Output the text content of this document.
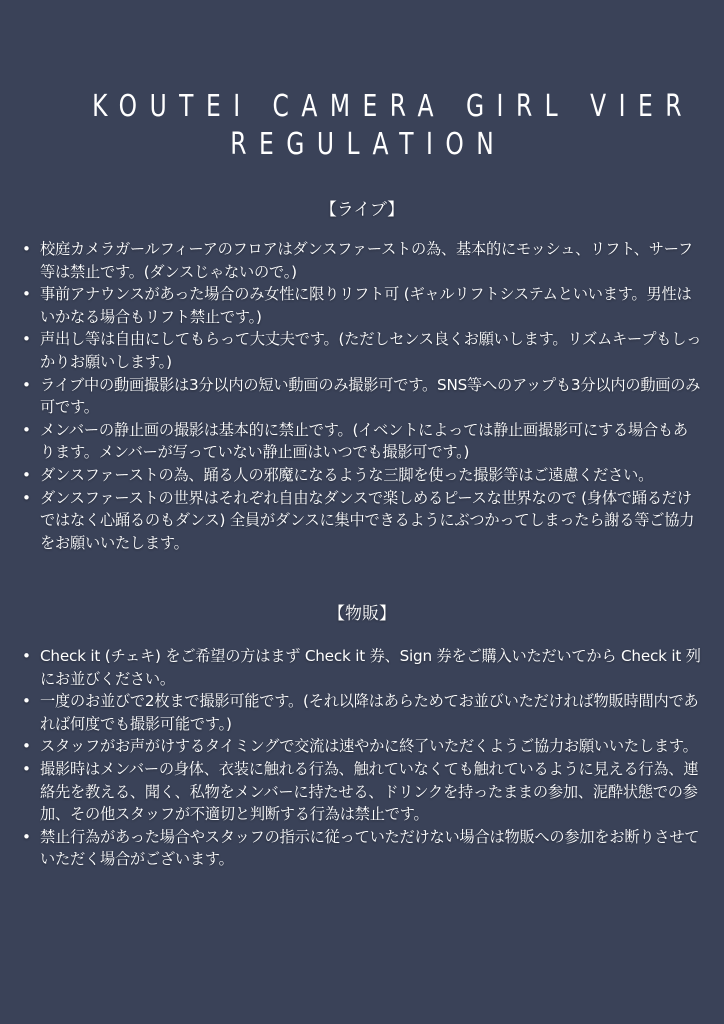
KOUTEI CAMERA GIRL VIER
REGULATION
【ライブ】
• 校庭カメラガールフィーアのフロアはダンスファーストの為、基本的にモッシュ、リフト、サーフ等は禁止です。(ダンスじゃないので。)
• 事前アナウンスがあった場合のみ女性に限りリフト可 (ギャルリフトシステムといいます。男性はいかなる場合もリフト禁止です。)
• 声出し等は自由にしてもらって大丈夫です。(ただしセンス良くお願いします。リズムキープもしっかりお願いします。)
• ライブ中の動画撮影は3分以内の短い動画のみ撮影可です。SNS等へのアップも3分以内の動画のみ可です。
• メンバーの静止画の撮影は基本的に禁止です。(イベントによっては静止画撮影可にする場合もあります。メンバーが写っていない静止画はいつでも撮影可です。)
• ダンスファーストの為、踊る人の邪魔になるような三脚を使った撮影等はご遠慮ください。
• ダンスファーストの世界はそれぞれ自由なダンスで楽しめるピースな世界なので (身体で踊るだけではなく心踊るのもダンス) 全員がダンスに集中できるようにぶつかってしまったら謝る等ご協力をお願いいたします。
【物販】
• Check it (チェキ) をご希望の方はまず Check it 券、Sign 券をご購入いただいてから Check it 列にお並びください。
• 一度のお並びで2枚まで撮影可能です。(それ以降はあらためてお並びいただければ物販時間内であれば何度でも撮影可能です。)
• スタッフがお声がけするタイミングで交流は速やかに終了いただくようご協力お願いいたします。
• 撮影時はメンバーの身体、衣装に触れる行為、触れていなくても触れているように見える行為、連絡先を教える、聞く、私物をメンバーに持たせる、ドリンクを持ったままの参加、泥酔状態での参加、その他スタッフが不適切と判断する行為は禁止です。
• 禁止行為があった場合やスタッフの指示に従っていただけない場合は物販への参加をお断りさせていただく場合がございます。
